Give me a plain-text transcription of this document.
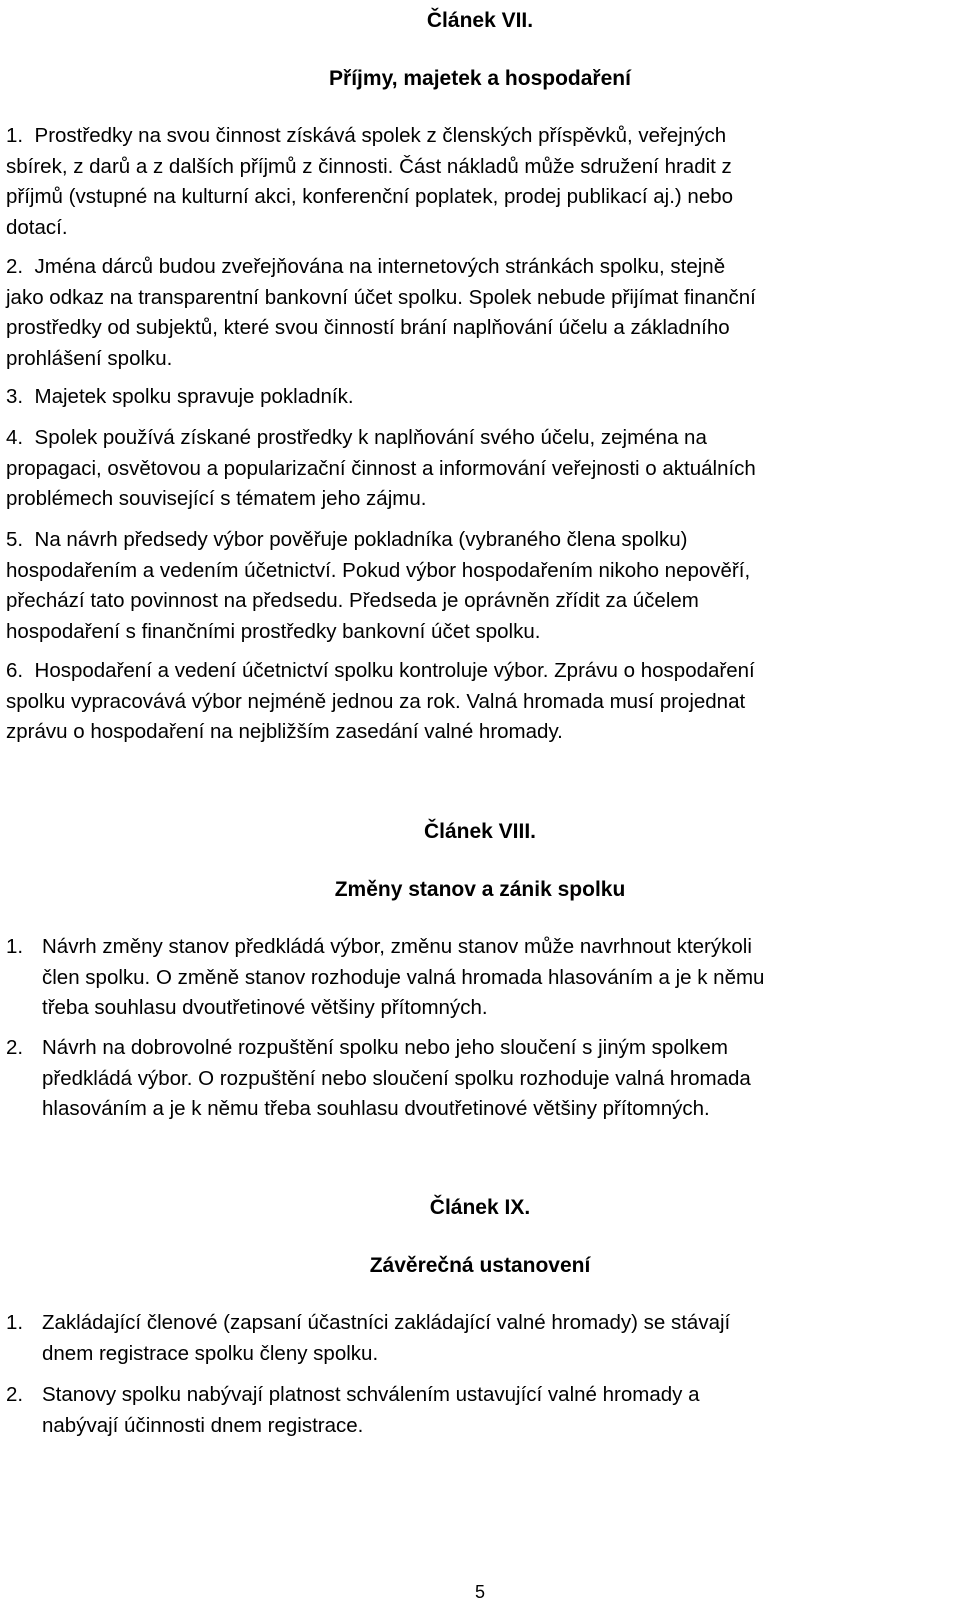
Článek VII.
Příjmy, majetek a hospodaření
1. Prostředky na svou činnost získává spolek z členských příspěvků, veřejných
sbírek, z darů a z dalších příjmů z činnosti. Část nákladů může sdružení hradit z
příjmů (vstupné na kulturní akci, konferenční poplatek, prodej publikací aj.) nebo
dotací.
2. Jména dárců budou zveřejňována na internetových stránkách spolku, stejně
jako odkaz na transparentní bankovní účet spolku. Spolek nebude přijímat finanční
prostředky od subjektů, které svou činností brání naplňování účelu a základního
prohlášení spolku.
3. Majetek spolku spravuje pokladník.
4. Spolek používá získané prostředky k naplňování svého účelu, zejména na
propagaci, osvětovou a popularizační činnost a informování veřejnosti o aktuálních
problémech související s tématem jeho zájmu.
5. Na návrh předsedy výbor pověřuje pokladníka (vybraného člena spolku)
hospodařením a vedením účetnictví. Pokud výbor hospodařením nikoho nepověří,
přechází tato povinnost na předsedu. Předseda je oprávněn zřídit za účelem
hospodaření s finančními prostředky bankovní účet spolku.
6. Hospodaření a vedení účetnictví spolku kontroluje výbor. Zprávu o hospodaření
spolku vypracovává výbor nejméně jednou za rok. Valná hromada musí projednat
zprávu o hospodaření na nejbližším zasedání valné hromady.
Článek VIII.
Změny stanov a zánik spolku
1. Návrh změny stanov předkládá výbor, změnu stanov může navrhnout kterýkoli
člen spolku. O změně stanov rozhoduje valná hromada hlasováním a je k němu
třeba souhlasu dvoutřetinové většiny přítomných.
2. Návrh na dobrovolné rozpuštění spolku nebo jeho sloučení s jiným spolkem
předkládá výbor. O rozpuštění nebo sloučení spolku rozhoduje valná hromada
hlasováním a je k němu třeba souhlasu dvoutřetinové většiny přítomných.
Článek IX.
Závěrečná ustanovení
1. Zakládající členové (zapsaní účastníci zakládající valné hromady) se stávají
dnem registrace spolku členy spolku.
2. Stanovy spolku nabývají platnost schválením ustavující valné hromady a
nabývají účinnosti dnem registrace.
5
